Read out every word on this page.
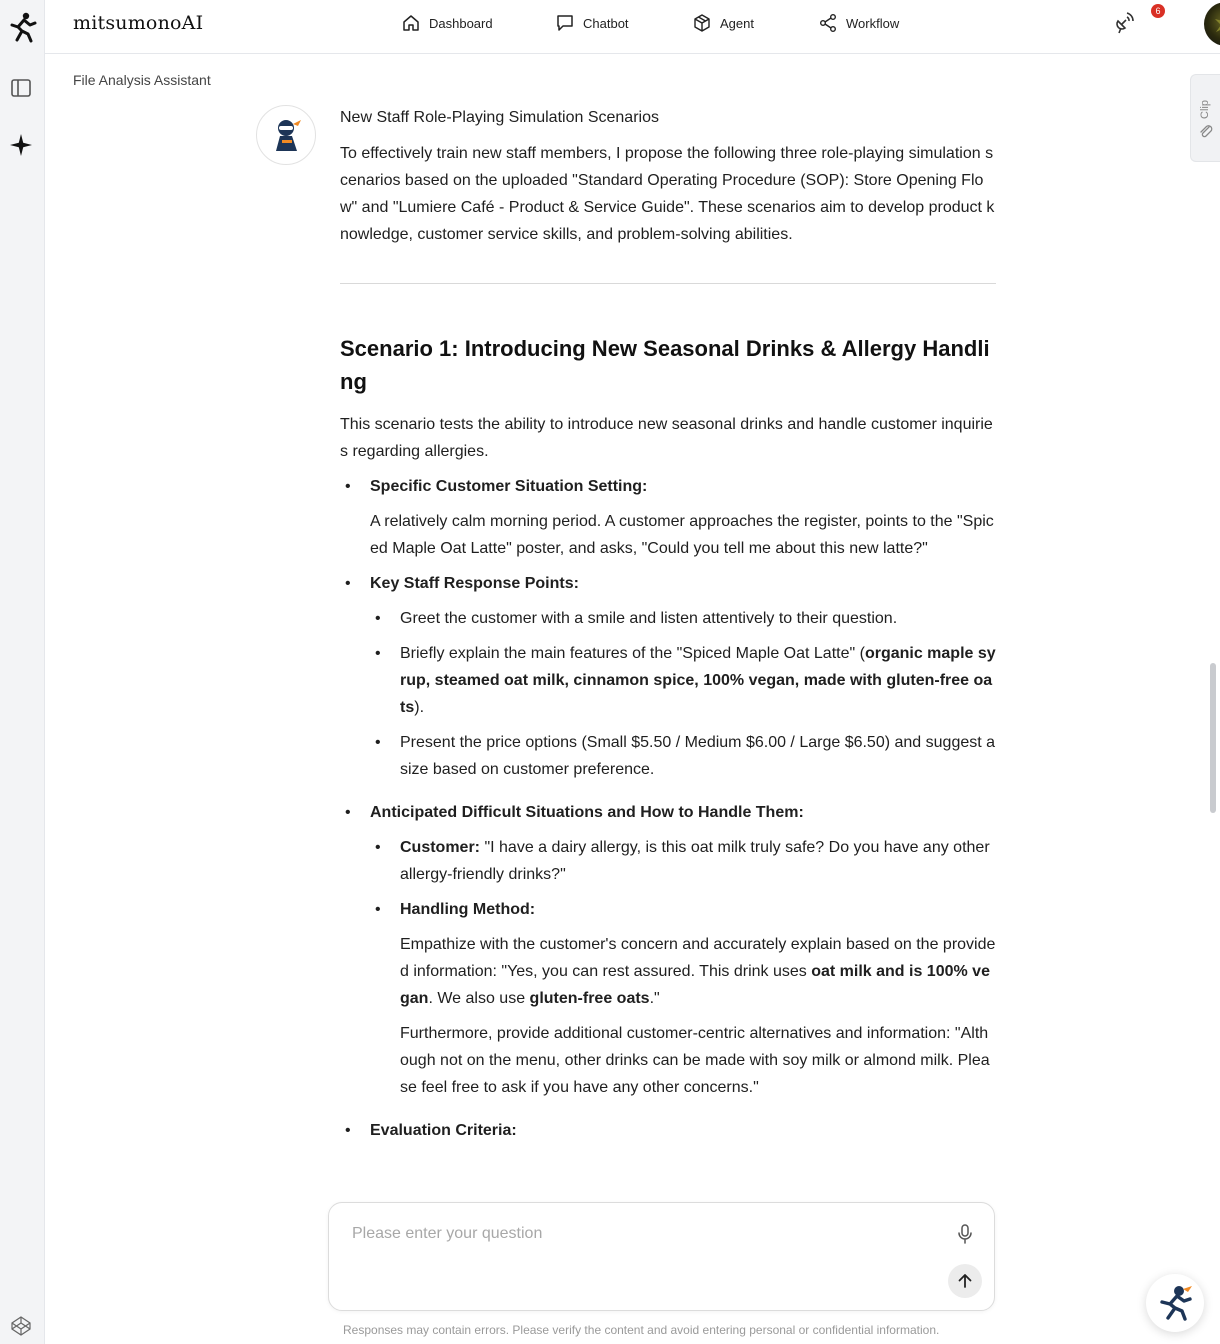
mitsumonoAI	Dashboard	Chatbot	Agent	Workflow
6
File Analysis Assistant
Clip
New Staff Role-Playing Simulation Scenarios

To effectively train new staff members, I propose the following three role-playing simulation scenarios based on the uploaded "Standard Operating Procedure (SOP): Store Opening Flow" and "Lumiere Café - Product & Service Guide". These scenarios aim to develop product knowledge, customer service skills, and problem-solving abilities.

Scenario 1: Introducing New Seasonal Drinks & Allergy Handling

This scenario tests the ability to introduce new seasonal drinks and handle customer inquiries regarding allergies.

• Specific Customer Situation Setting:

A relatively calm morning period. A customer approaches the register, points to the "Spiced Maple Oat Latte" poster, and asks, "Could you tell me about this new latte?"

• Key Staff Response Points:
• Greet the customer with a smile and listen attentively to their question.
• Briefly explain the main features of the "Spiced Maple Oat Latte" (organic maple syrup, steamed oat milk, cinnamon spice, 100% vegan, made with gluten-free oats).
• Present the price options (Small $5.50 / Medium $6.00 / Large $6.50) and suggest a size based on customer preference.
• Anticipated Difficult Situations and How to Handle Them:
• Customer: "I have a dairy allergy, is this oat milk truly safe? Do you have any other allergy-friendly drinks?"
• Handling Method:

Empathize with the customer's concern and accurately explain based on the provided information: "Yes, you can rest assured. This drink uses oat milk and is 100% vegan. We also use gluten-free oats."

Furthermore, provide additional customer-centric alternatives and information: "Although not on the menu, other drinks can be made with soy milk or almond milk. Please feel free to ask if you have any other concerns."

• Evaluation Criteria:
Please enter your question
Responses may contain errors. Please verify the content and avoid entering personal or confidential information.
